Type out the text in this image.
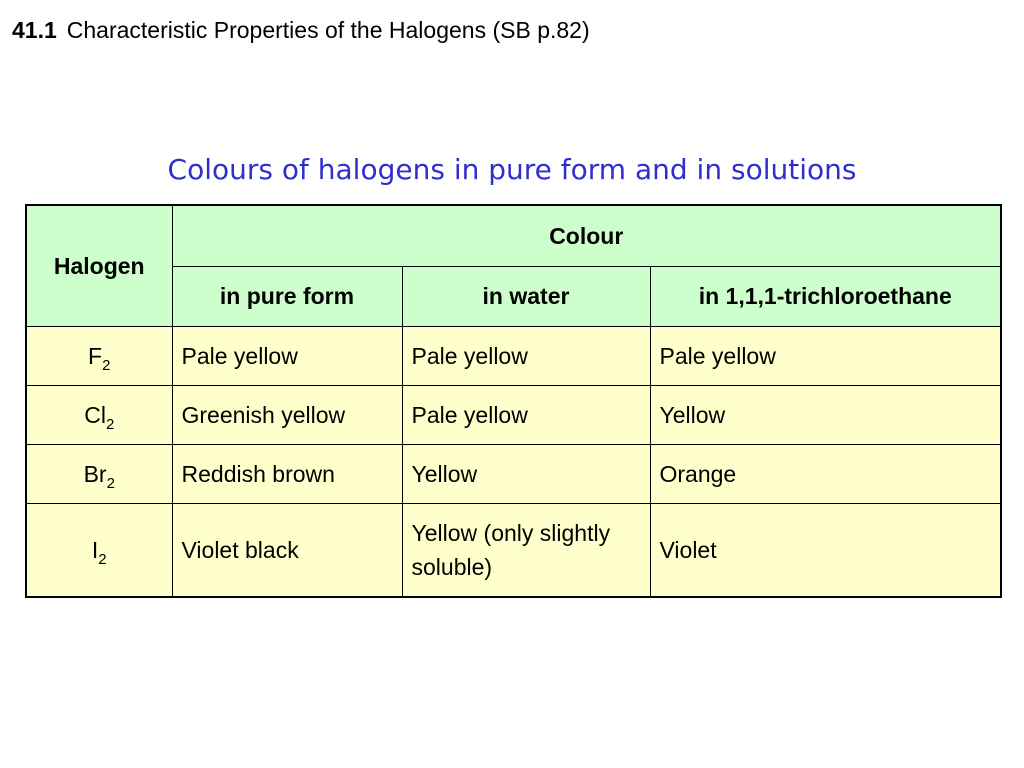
41.1 Characteristic Properties of the Halogens (SB p.82)
Colours of halogens in pure form and in solutions
Halogen	Colour		
	in pure form	in water	in 1,1,1-trichloroethane
$F_2$	Pale yellow	Pale yellow	Pale yellow
$Cl_2$	Greenish yellow	Pale yellow	Yellow
$Br_2$	Reddish brown	Yellow	Orange
$I_2$	Violet black	Yellow (only slightly soluble)	Violet
